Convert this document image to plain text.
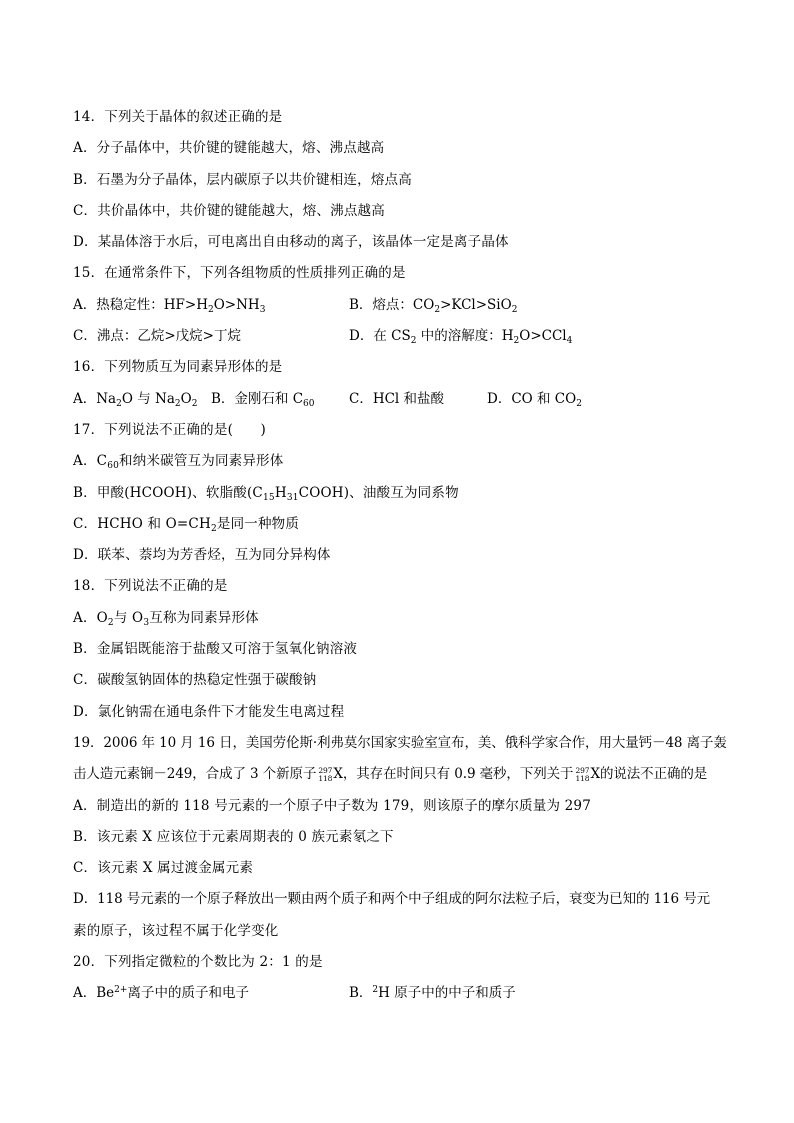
14．下列关于晶体的叙述正确的是
A．分子晶体中，共价键的键能越大，熔、沸点越高
B．石墨为分子晶体，层内碳原子以共价键相连，熔点高
C．共价晶体中，共价键的键能越大，熔、沸点越高
D．某晶体溶于水后，可电离出自由移动的离子，该晶体一定是离子晶体
15．在通常条件下，下列各组物质的性质排列正确的是
A．热稳定性：$HF>H_2O>NH_3$	B．熔点：$CO_2>KCl>SiO_2$
C．沸点：乙烷>戊烷>丁烷	D．在 $CS_2$ 中的溶解度：$H_2O>CCl_4$
16．下列物质互为同素异形体的是
A．$Na_2O$ 与 $Na_2O_2$	B．金刚石和 $C_{60}$	C．HCl 和盐酸	D．CO 和 $CO_2$
17．下列说法不正确的是(　　)
A．$C_{60}$和纳米碳管互为同素异形体
B．甲酸(HCOOH)、软脂酸$(C_{15}H_{31}COOH)$、油酸互为同系物
C．HCHO 和 $O=CH_2$是同一种物质
D．联苯、萘均为芳香烃，互为同分异构体
18．下列说法不正确的是
A．$O_2$与 $O_3$互称为同素异形体
B．金属铝既能溶于盐酸又可溶于氢氧化钠溶液
C．碳酸氢钠固体的热稳定性强于碳酸钠
D．氯化钠需在通电条件下才能发生电离过程
19．2006 年 10 月 16 日，美国劳伦斯·利弗莫尔国家实验室宣布，美、俄科学家合作，用大量钙－48 离子轰
击人造元素锎－249，合成了 3 个新原子 297
118 X，其存在时间只有 0.9 毫秒，下列关于 297
118 X的说法不正确的是
A．制造出的新的 118 号元素的一个原子中子数为 179，则该原子的摩尔质量为 297
B．该元素 X 应该位于元素周期表的 0 族元素氡之下
C．该元素 X 属过渡金属元素
D．118 号元素的一个原子释放出一颗由两个质子和两个中子组成的阿尔法粒子后，衰变为已知的 116 号元
素的原子，该过程不属于化学变化
20．下列指定微粒的个数比为 2：1 的是
A．$Be^{2+}$离子中的质子和电子	B．$^2$H 原子中的中子和质子
